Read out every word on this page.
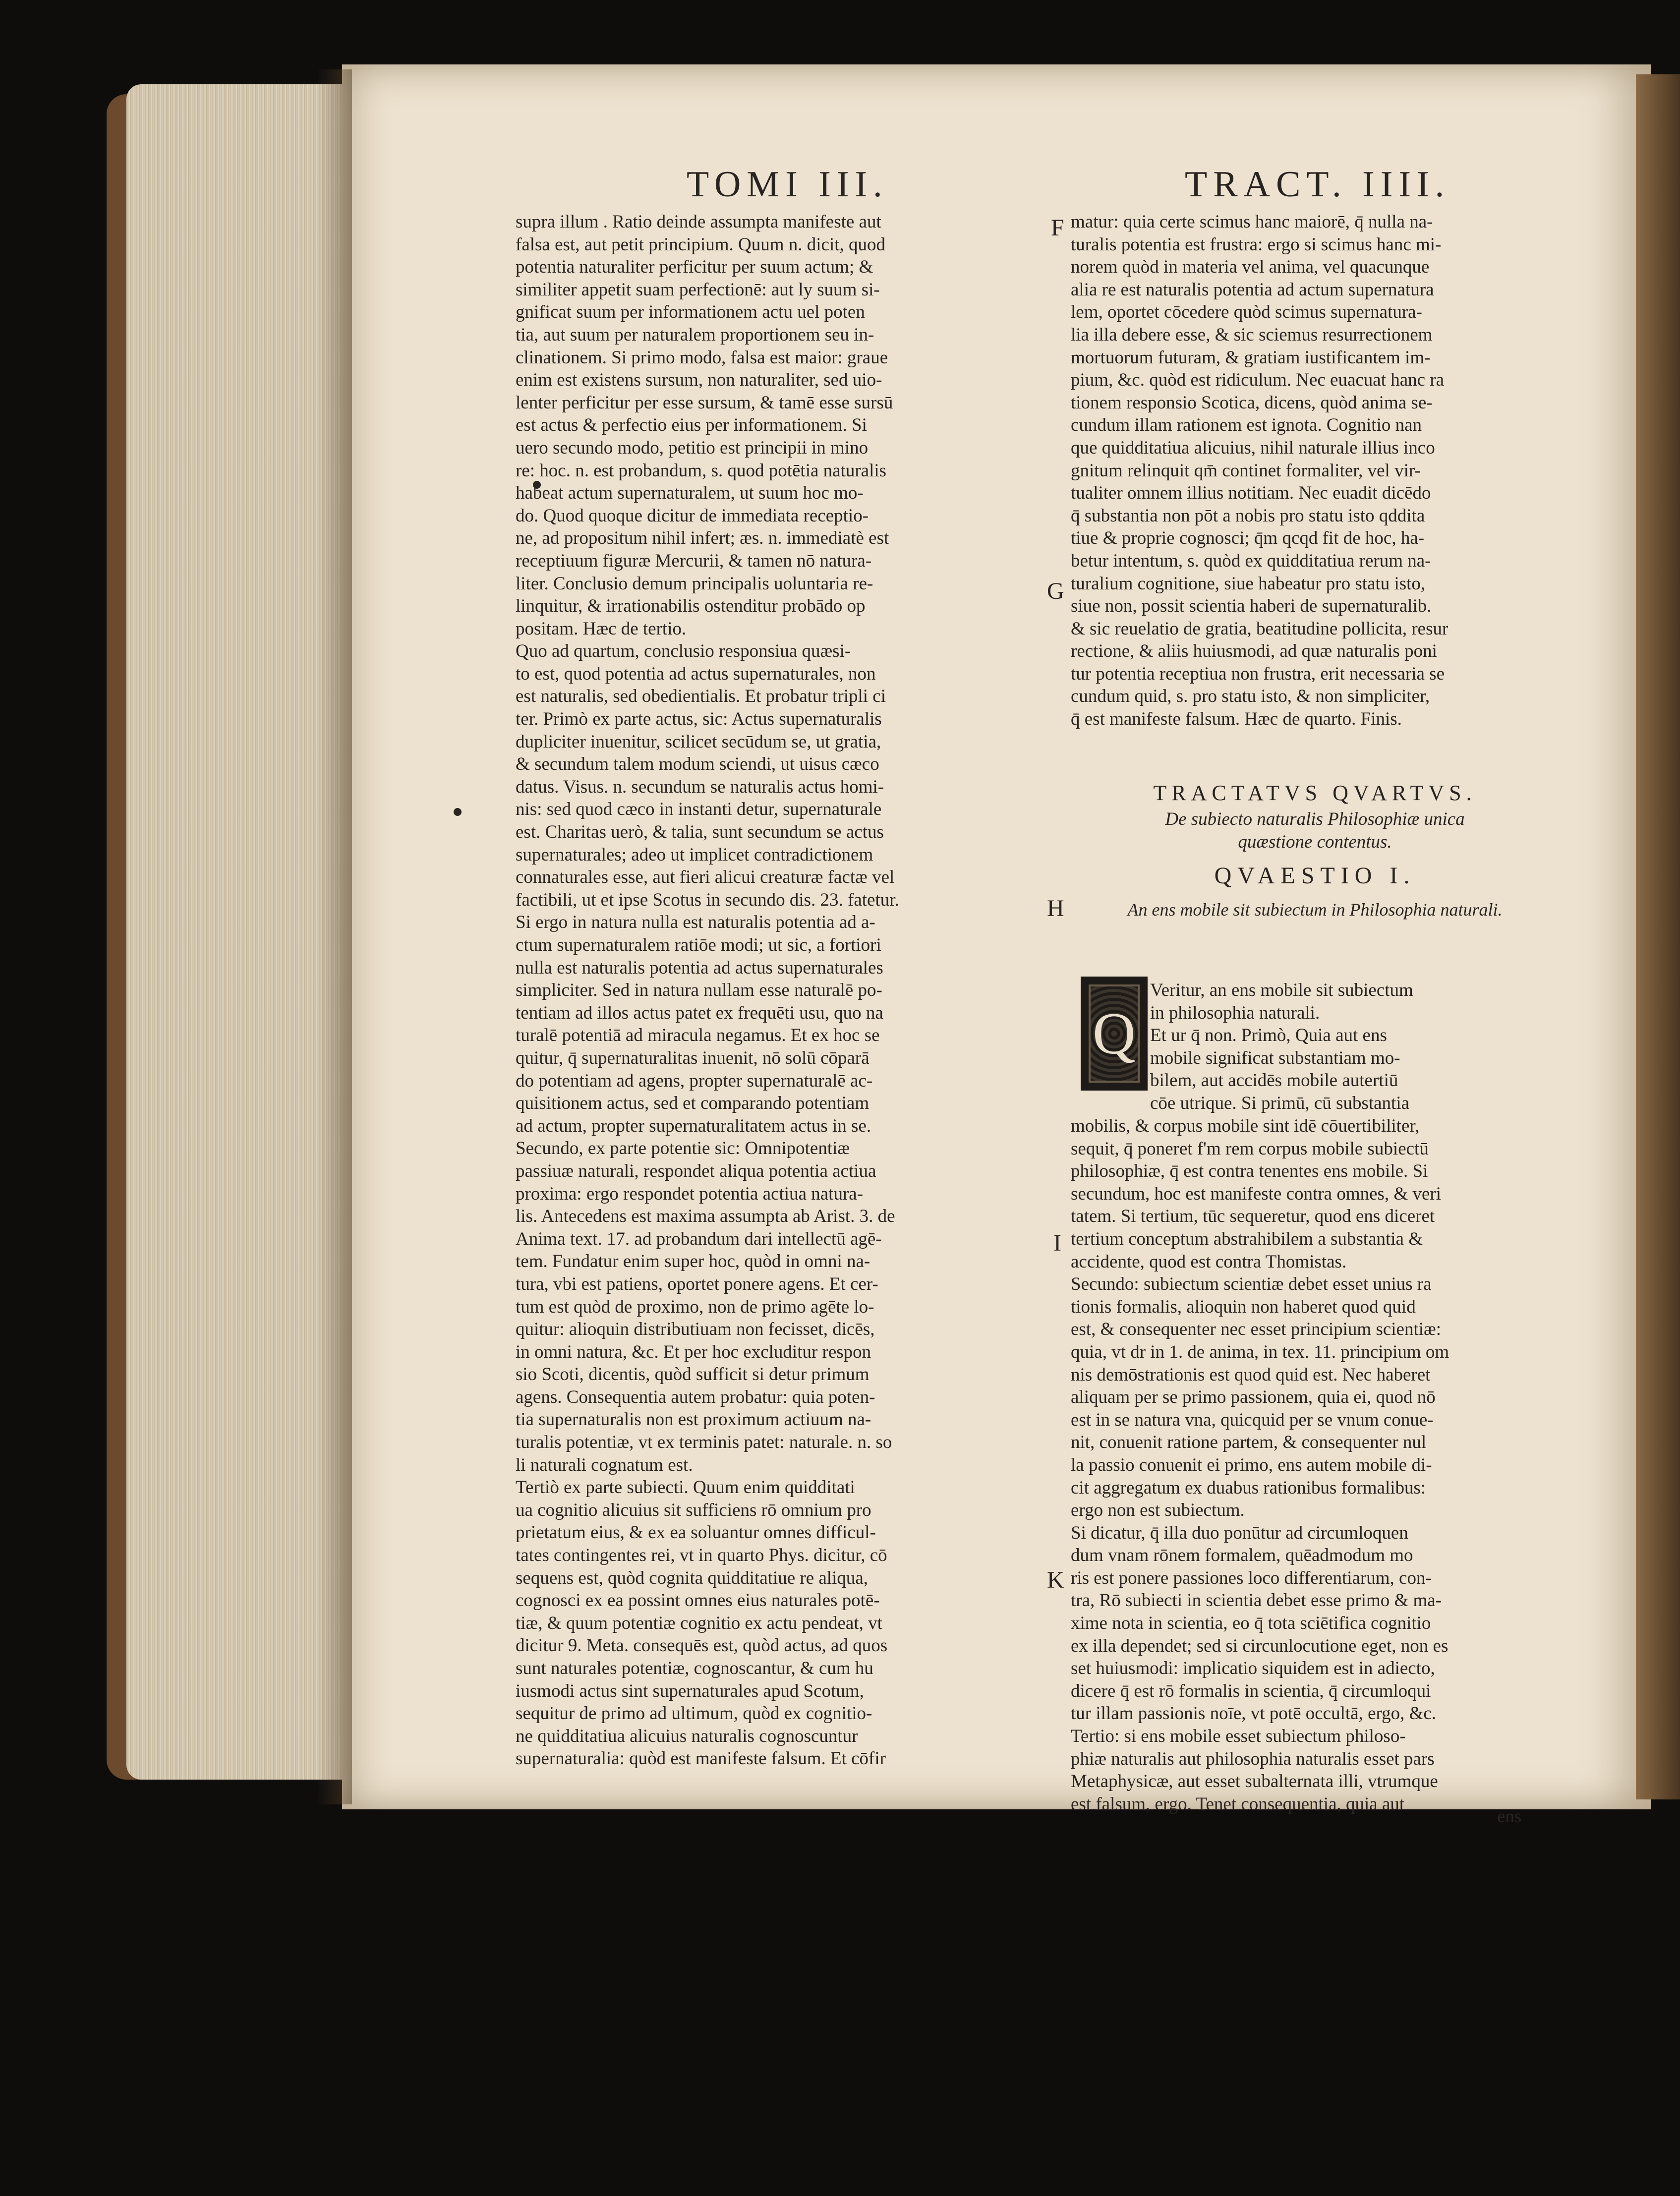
TOMI III.	TRACT. IIII.
F
G
H
I
K
supra illum . Ratio deinde assumpta manifeste aut
falsa est, aut petit principium. Quum n. dicit, quod
potentia naturaliter perficitur per suum actum; &
similiter appetit suam perfectionē: aut ly suum si-
gnificat suum per informationem actu uel poten
tia, aut suum per naturalem proportionem seu in-
clinationem. Si primo modo, falsa est maior: graue
enim est existens sursum, non naturaliter, sed uio-
lenter perficitur per esse sursum, & tamē esse sursū
est actus & perfectio eius per informationem. Si
uero secundo modo, petitio est principii in mino
re: hoc. n. est probandum, s. quod potētia naturalis
habeat actum supernaturalem, ut suum hoc mo-
do. Quod quoque dicitur de immediata receptio-
ne, ad propositum nihil infert; æs. n. immediatè est
receptiuum figuræ Mercurii, & tamen nō natura-
liter. Conclusio demum principalis uoluntaria re-
linquitur, & irrationabilis ostenditur probādo op
positam. Hæc de tertio.
Quo ad quartum, conclusio responsiua quæsi-
to est, quod potentia ad actus supernaturales, non
est naturalis, sed obedientialis. Et probatur tripli ci
ter. Primò ex parte actus, sic: Actus supernaturalis
dupliciter inuenitur, scilicet secūdum se, ut gratia,
& secundum talem modum sciendi, ut uisus cæco
datus. Visus. n. secundum se naturalis actus homi-
nis: sed quod cæco in instanti detur, supernaturale
est. Charitas uerò, & talia, sunt secundum se actus
supernaturales; adeo ut implicet contradictionem
connaturales esse, aut fieri alicui creaturæ factæ vel
factibili, ut et ipse Scotus in secundo dis. 23. fatetur.
Si ergo in natura nulla est naturalis potentia ad a-
ctum supernaturalem ratiōe modi; ut sic, a fortiori
nulla est naturalis potentia ad actus supernaturales
simpliciter. Sed in natura nullam esse naturalē po-
tentiam ad illos actus patet ex frequēti usu, quo na
turalē potentiā ad miracula negamus. Et ex hoc se
quitur, q̄ supernaturalitas inuenit, nō solū cōparā
do potentiam ad agens, propter supernaturalē ac-
quisitionem actus, sed et comparando potentiam
ad actum, propter supernaturalitatem actus in se.
Secundo, ex parte potentie sic: Omnipotentiæ
passiuæ naturali, respondet aliqua potentia actiua
proxima: ergo respondet potentia actiua natura-
lis. Antecedens est maxima assumpta ab Arist. 3. de
Anima text. 17. ad probandum dari intellectū agē-
tem. Fundatur enim super hoc, quòd in omni na-
tura, vbi est patiens, oportet ponere agens. Et cer-
tum est quòd de proximo, non de primo agēte lo-
quitur: alioquin distributiuam non fecisset, dicēs,
in omni natura, &c. Et per hoc excluditur respon
sio Scoti, dicentis, quòd sufficit si detur primum
agens. Consequentia autem probatur: quia poten-
tia supernaturalis non est proximum actiuum na-
turalis potentiæ, vt ex terminis patet: naturale. n. so
li naturali cognatum est.
Tertiò ex parte subiecti. Quum enim quidditati
ua cognitio alicuius sit sufficiens rō omnium pro
prietatum eius, & ex ea soluantur omnes difficul-
tates contingentes rei, vt in quarto Phys. dicitur, cō
sequens est, quòd cognita quidditatiue re aliqua,
cognosci ex ea possint omnes eius naturales potē-
tiæ, & quum potentiæ cognitio ex actu pendeat, vt
dicitur 9. Meta. consequēs est, quòd actus, ad quos
sunt naturales potentiæ, cognoscantur, & cum hu
iusmodi actus sint supernaturales apud Scotum,
sequitur de primo ad ultimum, quòd ex cognitio-
ne quidditatiua alicuius naturalis cognoscuntur
supernaturalia: quòd est manifeste falsum. Et cōfir
matur: quia certe scimus hanc maiorē, q̄ nulla na-
turalis potentia est frustra: ergo si scimus hanc mi-
norem quòd in materia vel anima, vel quacunque
alia re est naturalis potentia ad actum supernatura
lem, oportet cōcedere quòd scimus supernatura-
lia illa debere esse, & sic sciemus resurrectionem
mortuorum futuram, & gratiam iustificantem im-
pium, &c. quòd est ridiculum. Nec euacuat hanc ra
tionem responsio Scotica, dicens, quòd anima se-
cundum illam rationem est ignota. Cognitio nan
que quidditatiua alicuius, nihil naturale illius inco
gnitum relinquit qm̄ continet formaliter, vel vir-
tualiter omnem illius notitiam. Nec euadit dicēdo
q̄ substantia non pōt a nobis pro statu isto qddita
tiue & proprie cognosci; q̄m qcqd fit de hoc, ha-
betur intentum, s. quòd ex quidditatiua rerum na-
turalium cognitione, siue habeatur pro statu isto,
siue non, possit scientia haberi de supernaturalib.
& sic reuelatio de gratia, beatitudine pollicita, resur
rectione, & aliis huiusmodi, ad quæ naturalis poni
tur potentia receptiua non frustra, erit necessaria se
cundum quid, s. pro statu isto, & non simpliciter,
q̄ est manifeste falsum. Hæc de quarto. Finis.
TRACTATVS QVARTVS.
De subiecto naturalis Philosophiæ unica
quæstione contentus.
QVAESTIO I.
An ens mobile sit subiectum in Philosophia naturali.
Q
Veritur, an ens mobile sit subiectum
in philosophia naturali.
Et ur q̄ non. Primò, Quia aut ens
mobile significat substantiam mo-
bilem, aut accidēs mobile autertiū
cōe utrique. Si primū, cū substantia
mobilis, & corpus mobile sint idē cōuertibiliter,
sequit, q̄ poneret f'm rem corpus mobile subiectū
philosophiæ, q̄ est contra tenentes ens mobile. Si
secundum, hoc est manifeste contra omnes, & veri
tatem. Si tertium, tūc sequeretur, quod ens diceret
tertium conceptum abstrahibilem a substantia &
accidente, quod est contra Thomistas.
Secundo: subiectum scientiæ debet esset unius ra
tionis formalis, alioquin non haberet quod quid
est, & consequenter nec esset principium scientiæ:
quia, vt dr in 1. de anima, in tex. 11. principium om
nis demōstrationis est quod quid est. Nec haberet
aliquam per se primo passionem, quia ei, quod nō
est in se natura vna, quicquid per se vnum conue-
nit, conuenit ratione partem, & consequenter nul
la passio conuenit ei primo, ens autem mobile di-
cit aggregatum ex duabus rationibus formalibus:
ergo non est subiectum.
Si dicatur, q̄ illa duo ponūtur ad circumloquen
dum vnam rōnem formalem, quēadmodum mo
ris est ponere passiones loco differentiarum, con-
tra, Rō subiecti in scientia debet esse primo & ma-
xime nota in scientia, eo q̄ tota sciētifica cognitio
ex illa dependet; sed si circunlocutione eget, non es
set huiusmodi: implicatio siquidem est in adiecto,
dicere q̄ est rō formalis in scientia, q̄ circumloqui
tur illam passionis noīe, vt potē occultā, ergo, &c.
Tertio: si ens mobile esset subiectum philoso-
phiæ naturalis aut philosophia naturalis esset pars
Metaphysicæ, aut esset subalternata illi, vtrumque
est falsum, ergo. Tenet consequentia, quia aut
ens
